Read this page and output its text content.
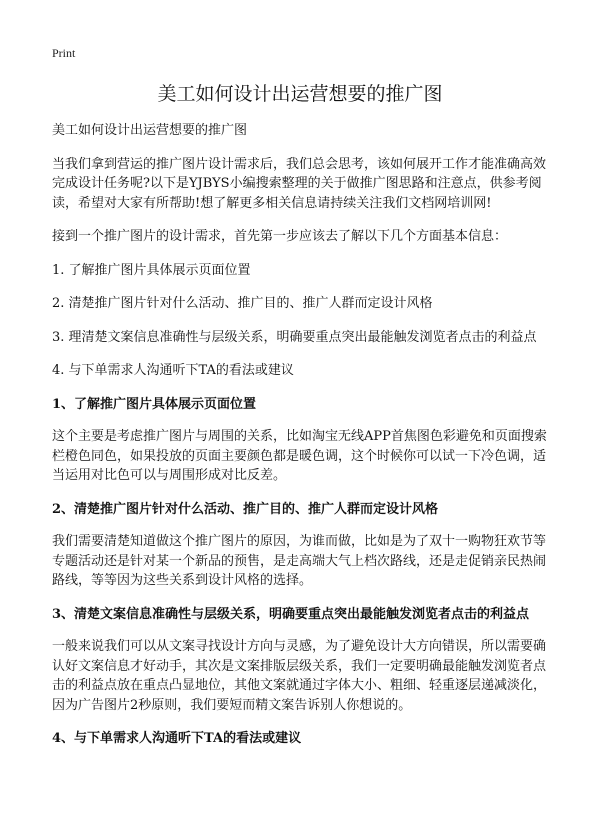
Print
美工如何设计出运营想要的推广图

美工如何设计出运营想要的推广图

当我们拿到营运的推广图片设计需求后，我们总会思考，该如何展开工作才能准确高效完成设计任务呢?以下是YJBYS小编搜索整理的关于做推广图思路和注意点，供参考阅读，希望对大家有所帮助!想了解更多相关信息请持续关注我们文档网培训网!

接到一个推广图片的设计需求，首先第一步应该去了解以下几个方面基本信息：

1. 了解推广图片具体展示页面位置
2. 清楚推广图片针对什么活动、推广目的、推广人群而定设计风格
3. 理清楚文案信息准确性与层级关系，明确要重点突出最能触发浏览者点击的利益点
4. 与下单需求人沟通听下TA的看法或建议
1、了解推广图片具体展示页面位置

这个主要是考虑推广图片与周围的关系，比如淘宝无线APP首焦图色彩避免和页面搜索栏橙色同色，如果投放的页面主要颜色都是暖色调，这个时候你可以试一下冷色调，适当运用对比色可以与周围形成对比反差。

2、清楚推广图片针对什么活动、推广目的、推广人群而定设计风格

我们需要清楚知道做这个推广图片的原因，为谁而做，比如是为了双十一购物狂欢节等专题活动还是针对某一个新品的预售，是走高端大气上档次路线，还是走促销亲民热闹路线，等等因为这些关系到设计风格的选择。

3、清楚文案信息准确性与层级关系，明确要重点突出最能触发浏览者点击的利益点

一般来说我们可以从文案寻找设计方向与灵感，为了避免设计大方向错误，所以需要确认好文案信息才好动手，其次是文案排版层级关系，我们一定要明确最能触发浏览者点击的利益点放在重点凸显地位，其他文案就通过字体大小、粗细、轻重逐层递减淡化，因为广告图片2秒原则，我们要短而精文案告诉别人你想说的。

4、与下单需求人沟通听下TA的看法或建议
